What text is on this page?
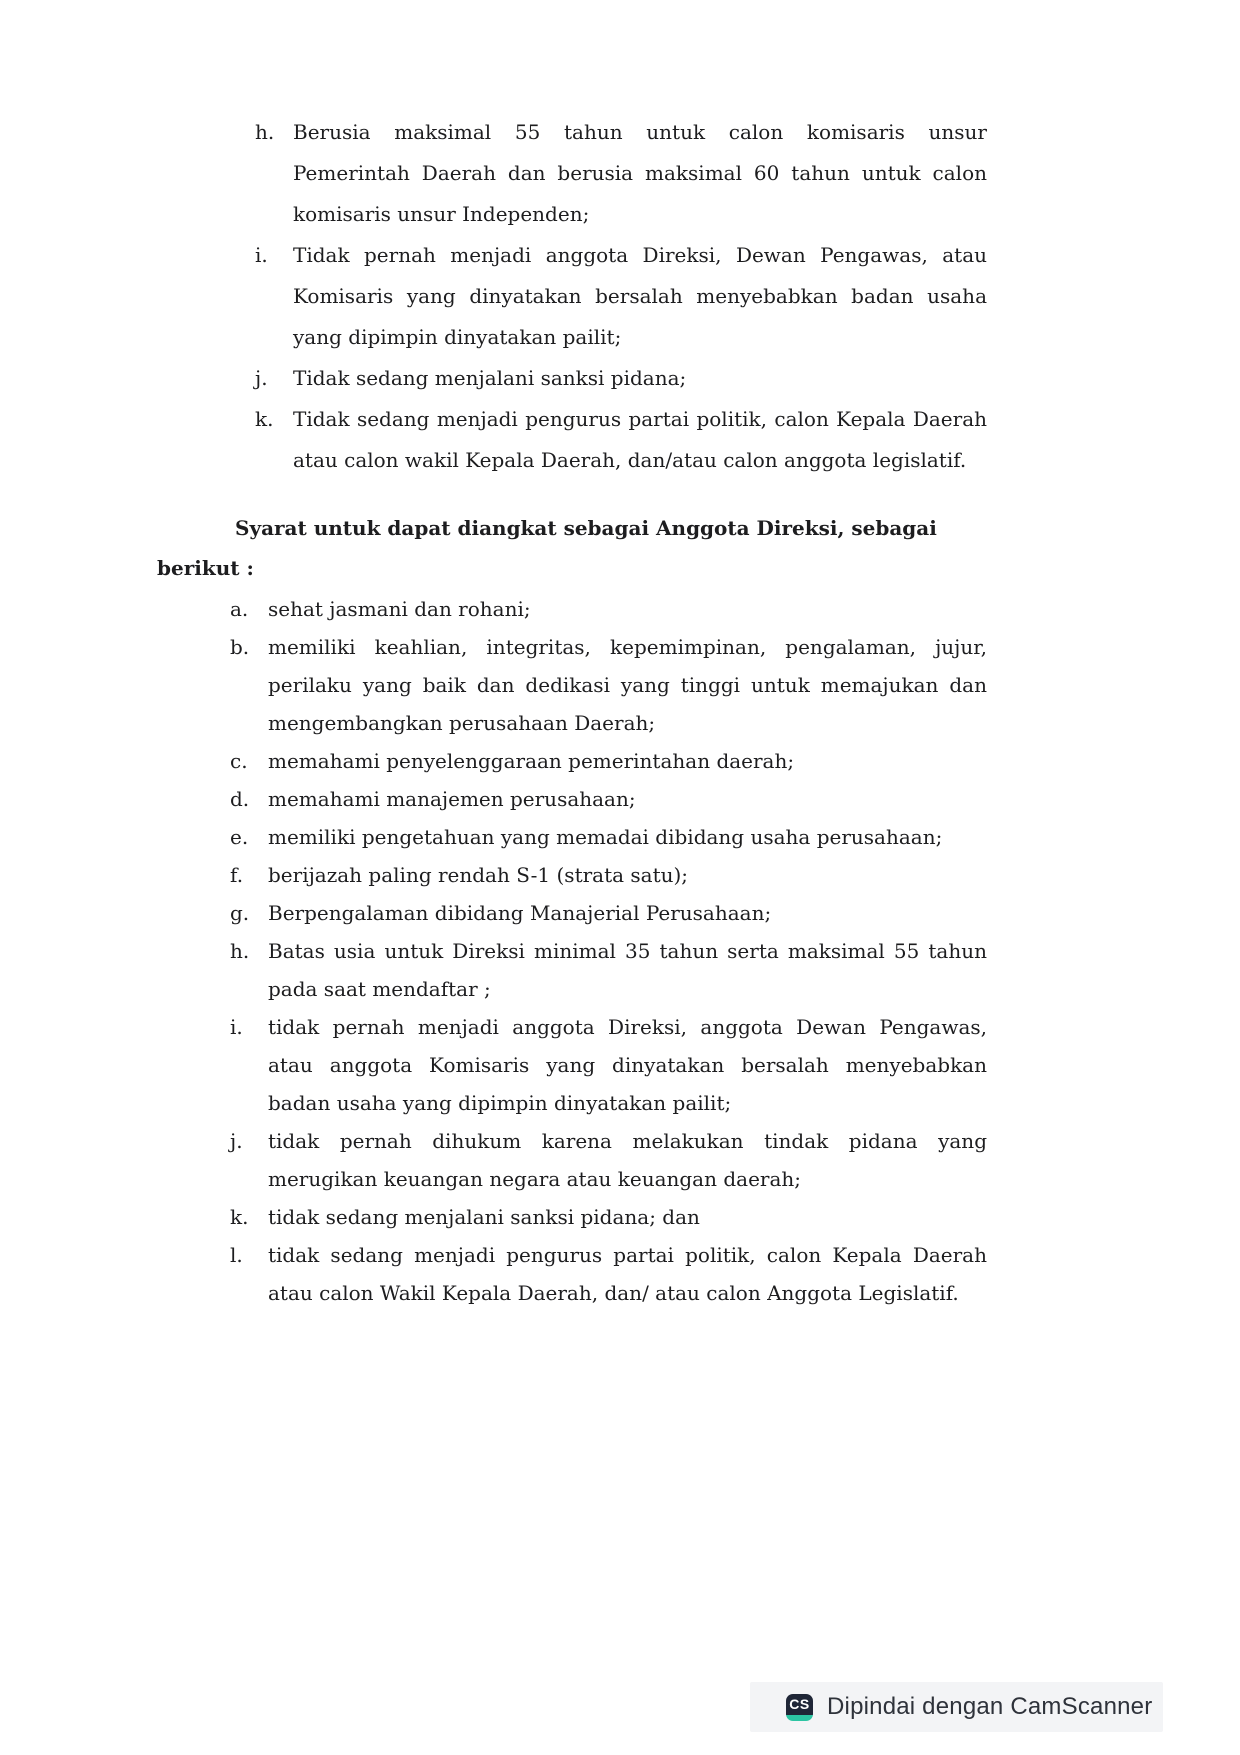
h. Berusia maksimal 55 tahun untuk calon komisaris unsur Pemerintah Daerah dan berusia maksimal 60 tahun untuk calon komisaris unsur Independen;
i.	Tidak pernah menjadi anggota Direksi, Dewan Pengawas, atau Komisaris yang dinyatakan bersalah menyebabkan badan usaha yang dipimpin dinyatakan pailit;
j.	Tidak sedang menjalani sanksi pidana;
k. Tidak sedang menjadi pengurus partai politik, calon Kepala Daerah atau calon wakil Kepala Daerah, dan/atau calon anggota legislatif.
Syarat untuk dapat diangkat sebagai Anggota Direksi, sebagai
berikut :
a. sehat jasmani dan rohani;
b. memiliki keahlian, integritas, kepemimpinan, pengalaman, jujur, perilaku yang baik dan dedikasi yang tinggi untuk memajukan dan mengembangkan perusahaan Daerah;
c.	memahami penyelenggaraan pemerintahan daerah;
d. memahami manajemen perusahaan;
e. memiliki pengetahuan yang memadai dibidang usaha perusahaan;
f.	berijazah paling rendah S-1 (strata satu);
g. Berpengalaman dibidang Manajerial Perusahaan;
h. Batas usia untuk Direksi minimal 35 tahun serta maksimal 55 tahun pada saat mendaftar ;
i.	tidak pernah menjadi anggota Direksi, anggota Dewan Pengawas, atau anggota Komisaris yang dinyatakan bersalah menyebabkan badan usaha yang dipimpin dinyatakan pailit;
j.	tidak pernah dihukum karena melakukan tindak pidana yang merugikan keuangan negara atau keuangan daerah;
k. tidak sedang menjalani sanksi pidana; dan
l.	tidak sedang menjadi pengurus partai politik, calon Kepala Daerah atau calon Wakil Kepala Daerah, dan/ atau calon Anggota Legislatif.
CS Dipindai dengan CamScanner
